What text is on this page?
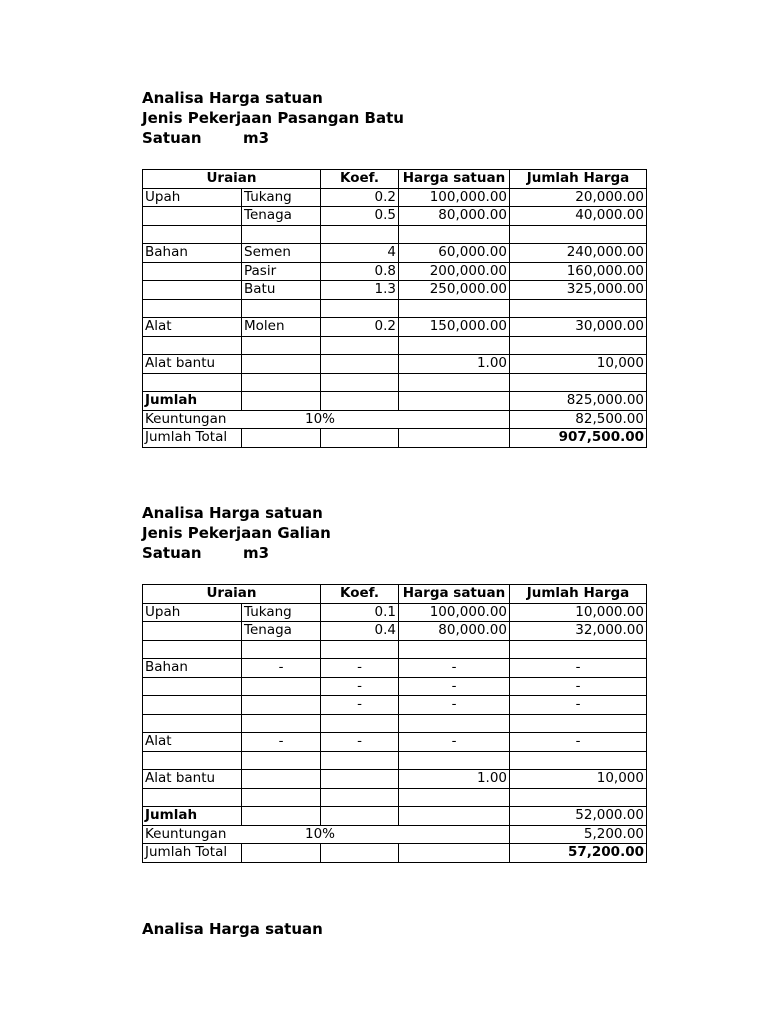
Analisa Harga satuan
Jenis Pekerjaan Pasangan Batu
Satuan	m3
Uraian		Koef.	Harga satuan	Jumlah Harga
Upah	Tukang	0.2	100,000.00	20,000.00
	Tenaga	0.5	80,000.00	40,000.00

Bahan	Semen	4	60,000.00	240,000.00
	Pasir	0.8	200,000.00	160,000.00
	Batu	1.3	250,000.00	325,000.00

Alat	Molen	0.2	150,000.00	30,000.00

Alat bantu			1.00	10,000

Jumlah				825,000.00
Keuntungan	10%			82,500.00
Jumlah Total				907,500.00
Analisa Harga satuan
Jenis Pekerjaan Galian
Satuan	m3
Uraian		Koef.	Harga satuan	Jumlah Harga
Upah	Tukang	0.1	100,000.00	10,000.00
	Tenaga	0.4	80,000.00	32,000.00

Bahan	-	-	-	-
		-	-	-
		-	-	-

Alat	-	-	-	-

Alat bantu			1.00	10,000

Jumlah				52,000.00
Keuntungan	10%			5,200.00
Jumlah Total				57,200.00
Analisa Harga satuan
